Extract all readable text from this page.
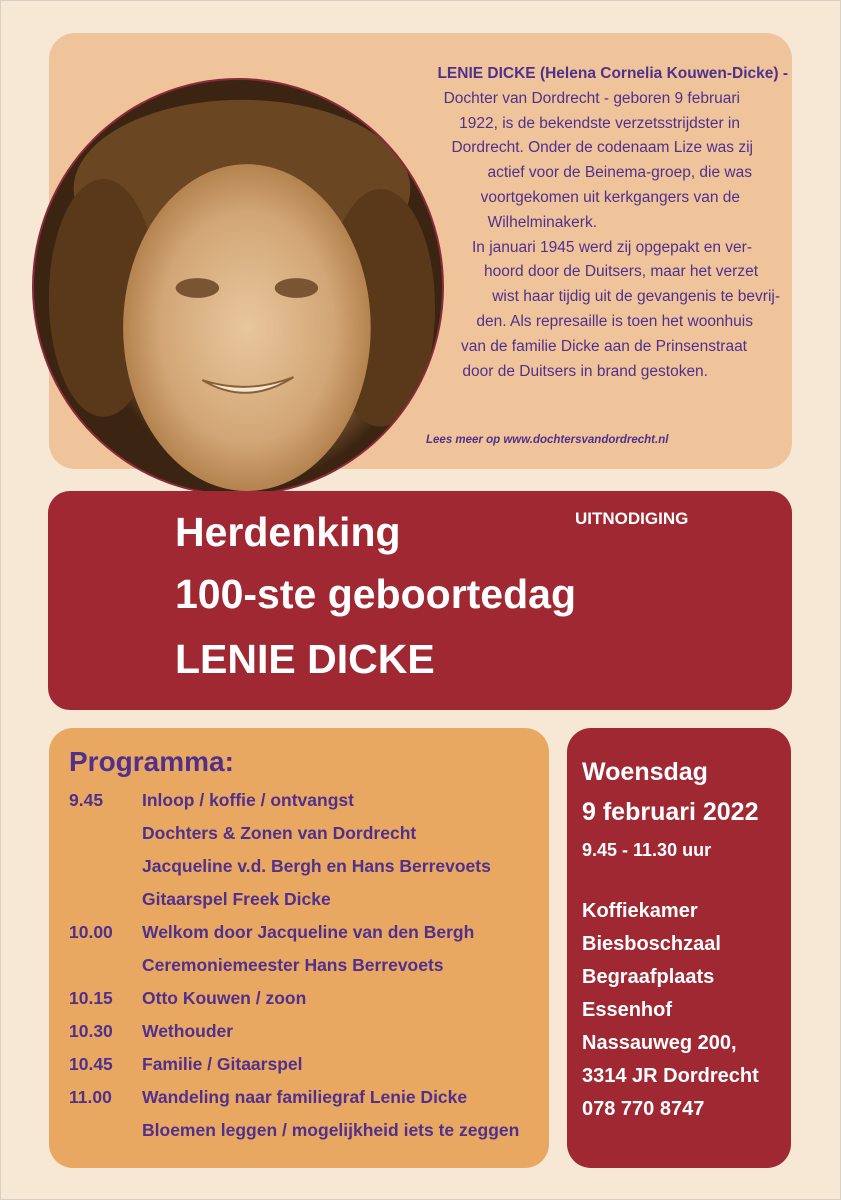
LENIE DICKE (Helena Cornelia Kouwen-Dicke) -

Dochter van Dordrecht - geboren 9 februari

1922, is de bekendste verzetsstrijdster in

Dordrecht. Onder de codenaam Lize was zij

actief voor de Beinema-groep, die was

voortgekomen uit kerkgangers van de

Wilhelminakerk.

In januari 1945 werd zij opgepakt en ver-

hoord door de Duitsers, maar het verzet

wist haar tijdig uit de gevangenis te bevrij-

den. Als represaille is toen het woonhuis

van de familie Dicke aan de Prinsenstraat

door de Duitsers in brand gestoken.

Lees meer op www.dochtersvandordrecht.nl
Herdenking
100-ste geboortedag
LENIE DICKE
UITNODIGING
Programma:
9.45 Inloop / koffie / ontvangst
Dochters & Zonen van Dordrecht
Jacqueline v.d. Bergh en Hans Berrevoets
Gitaarspel Freek Dicke
10.00 Welkom door Jacqueline van den Bergh
Ceremoniemeester Hans Berrevoets
10.15 Otto Kouwen / zoon
10.30 Wethouder
10.45 Familie / Gitaarspel
11.00 Wandeling naar familiegraf Lenie Dicke
Bloemen leggen / mogelijkheid iets te zeggen
Woensdag
9 februari 2022
9.45 - 11.30 uur
Koffiekamer
Biesboschzaal
Begraafplaats
Essenhof
Nassauweg 200,
3314 JR Dordrecht
078 770 8747
